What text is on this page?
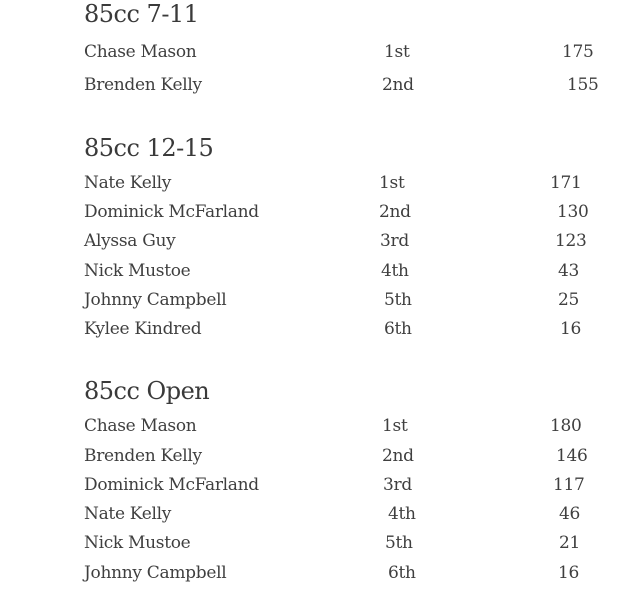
85cc 7-11
Chase Mason	1st	175
Brenden Kelly	2nd	155
85cc 12-15
Nate Kelly	1st	171
Dominick McFarland	2nd	130
Alyssa Guy	3rd	123
Nick Mustoe	4th	43
Johnny Campbell	5th	25
Kylee Kindred	6th	16
85cc Open
Chase Mason	1st	180
Brenden Kelly	2nd	146
Dominick McFarland	3rd	117
Nate Kelly	4th	46
Nick Mustoe	5th	21
Johnny Campbell	6th	16
